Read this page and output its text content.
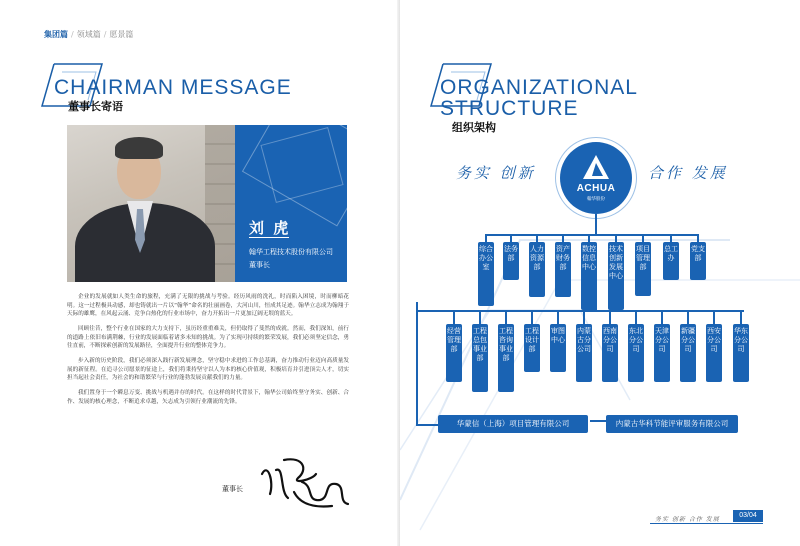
集团篇 / 领域篇 / 愿景篇
CHAIRMAN MESSAGE
董事长寄语
刘 虎
翰华工程技术股份有限公司
董事长

企业的发展就如人类生命的旅程，充满了无限的挑战与考验。经历风雨的洗礼，时而陷入困境，时而柳暗花明。这一过程极具动感，却也铸就出一片以“翰华”命名的壮丽画卷，大河山川，恒成其足迹。翰华立志成为翰翔于天际的雄鹰，在风起云涌、竞争白热化的行业市场中，奋力开拓出一片更加辽阔无垠的蓝天。

回顾往昔，整个行业在国家的大力支持下，虽历经重重难关，但仍取得了斐然的成就。然而，我们深知，前行的道路上依旧布满荆棘，行业的发展面临着诸多未知的挑战。为了实现可持续的繁荣发展，我们必须坚定信念，勇往直前，不断探索创新的发展路径，全面提升行业的整体竞争力。

步入新的历史阶段，我们必须深入践行新发展理念，坚守稳中求进的工作总基调，奋力推动行业迈向高质量发展的新征程。在追寻公司愿景的征途上，我们将秉持坚守以人为本的核心价值观，积极培育并引进顶尖人才，切实担当起社会责任，为社会的和谐繁荣与行业的蓬勃发展贡献我们的力量。

我们置身于一个瞬息万变、挑战与机遇并存的时代。在这样的时代背景下，翰华公司始终坚守务实、创新、合作、发展的核心理念，不断追求卓越，矢志成为引领行业潮流的先锋。

董事长
ORGANIZATIONAL
STRUCTURE
组织架构
务实 创新	合作 发展
ACHUA
翰华股份
综合办公室
法务部
人力资源部
资产财务部
数控信息中心
技术创新发展中心
项目管理部
总工办
党支部
经营管理部
工程总包事业部
工程咨询事业部
工程设计部
审图中心
内蒙古分公司
西南分公司
东北分公司
天津分公司
新疆分公司
西安分公司
华东分公司
华蒙信（上海）项目管理有限公司	内蒙古华科节能评审服务有限公司
务实 创新 合作 发展
03/04
